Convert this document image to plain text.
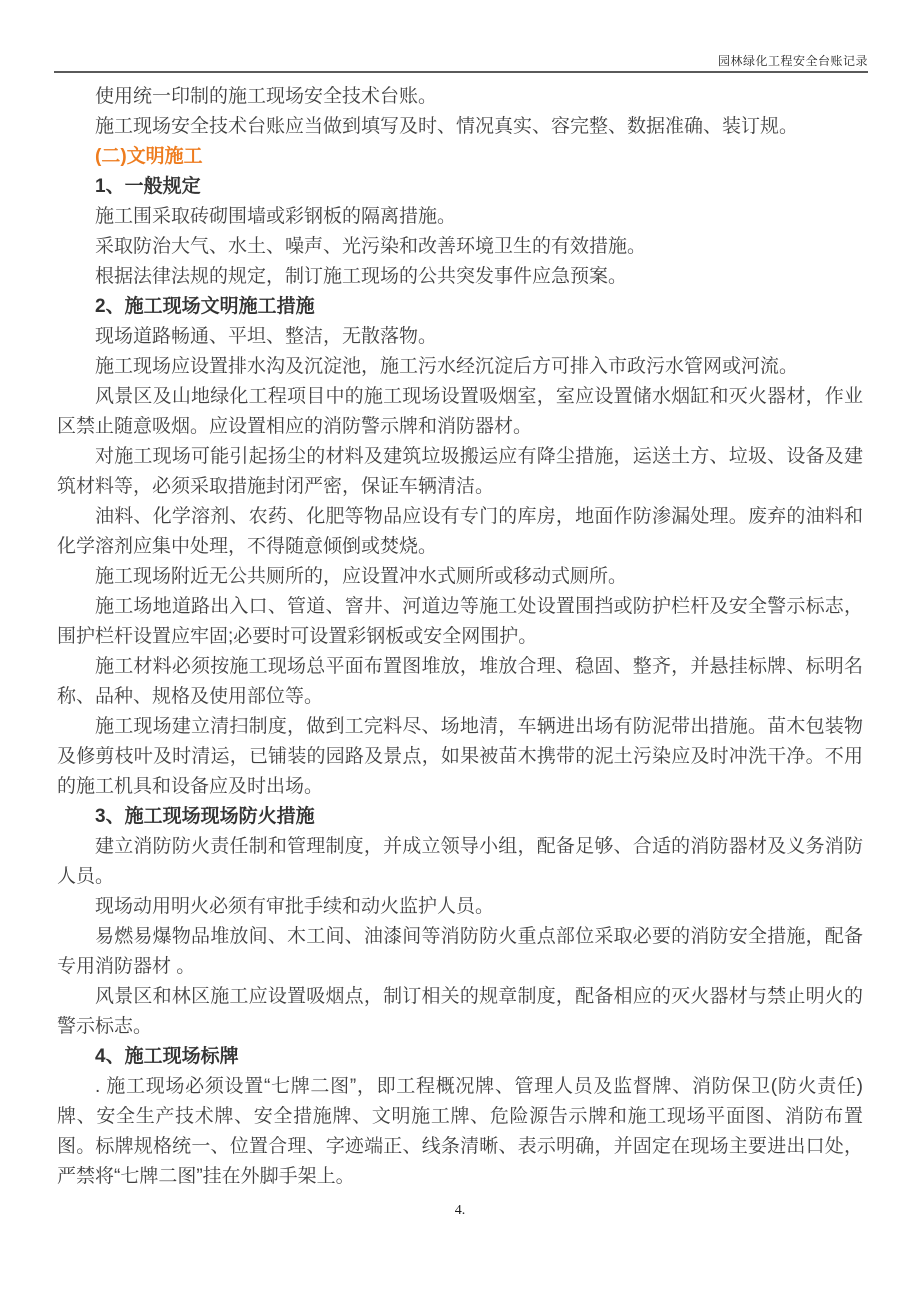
园林绿化工程安全台账记录

使用统一印制的施工现场安全技术台账。

施工现场安全技术台账应当做到填写及时、情况真实、容完整、数据准确、装订规。

(二)文明施工

1、一般规定

施工围采取砖砌围墙或彩钢板的隔离措施。

采取防治大气、水土、噪声、光污染和改善环境卫生的有效措施。

根据法律法规的规定，制订施工现场的公共突发事件应急预案。

2、施工现场文明施工措施

现场道路畅通、平坦、整洁，无散落物。

施工现场应设置排水沟及沉淀池，施工污水经沉淀后方可排入市政污水管网或河流。

风景区及山地绿化工程项目中的施工现场设置吸烟室，室应设置储水烟缸和灭火器材，作业区禁止随意吸烟。应设置相应的消防警示牌和消防器材。

对施工现场可能引起扬尘的材料及建筑垃圾搬运应有降尘措施，运送土方、垃圾、设备及建筑材料等，必须采取措施封闭严密，保证车辆清洁。

油料、化学溶剂、农药、化肥等物品应设有专门的库房，地面作防渗漏处理。废弃的油料和化学溶剂应集中处理，不得随意倾倒或焚烧。

施工现场附近无公共厕所的，应设置冲水式厕所或移动式厕所。

施工场地道路出入口、管道、窨井、河道边等施工处设置围挡或防护栏杆及安全警示标志，围护栏杆设置应牢固;必要时可设置彩钢板或安全网围护。

施工材料必须按施工现场总平面布置图堆放，堆放合理、稳固、整齐，并悬挂标牌、标明名称、品种、规格及使用部位等。

施工现场建立清扫制度，做到工完料尽、场地清，车辆进出场有防泥带出措施。苗木包装物及修剪枝叶及时清运，已铺装的园路及景点，如果被苗木携带的泥土污染应及时冲洗干净。不用的施工机具和设备应及时出场。

3、施工现场现场防火措施

建立消防防火责任制和管理制度，并成立领导小组，配备足够、合适的消防器材及义务消防人员。

现场动用明火必须有审批手续和动火监护人员。

易燃易爆物品堆放间、木工间、油漆间等消防防火重点部位采取必要的消防安全措施，配备专用消防器材 。

风景区和林区施工应设置吸烟点，制订相关的规章制度，配备相应的灭火器材与禁止明火的警示标志。

4、施工现场标牌

. 施工现场必须设置“七牌二图”，即工程概况牌、管理人员及监督牌、消防保卫(防火责任)牌、安全生产技术牌、安全措施牌、文明施工牌、危险源告示牌和施工现场平面图、消防布置图。标牌规格统一、位置合理、字迹端正、线条清晰、表示明确，并固定在现场主要进出口处，严禁将“七牌二图”挂在外脚手架上。

4.
